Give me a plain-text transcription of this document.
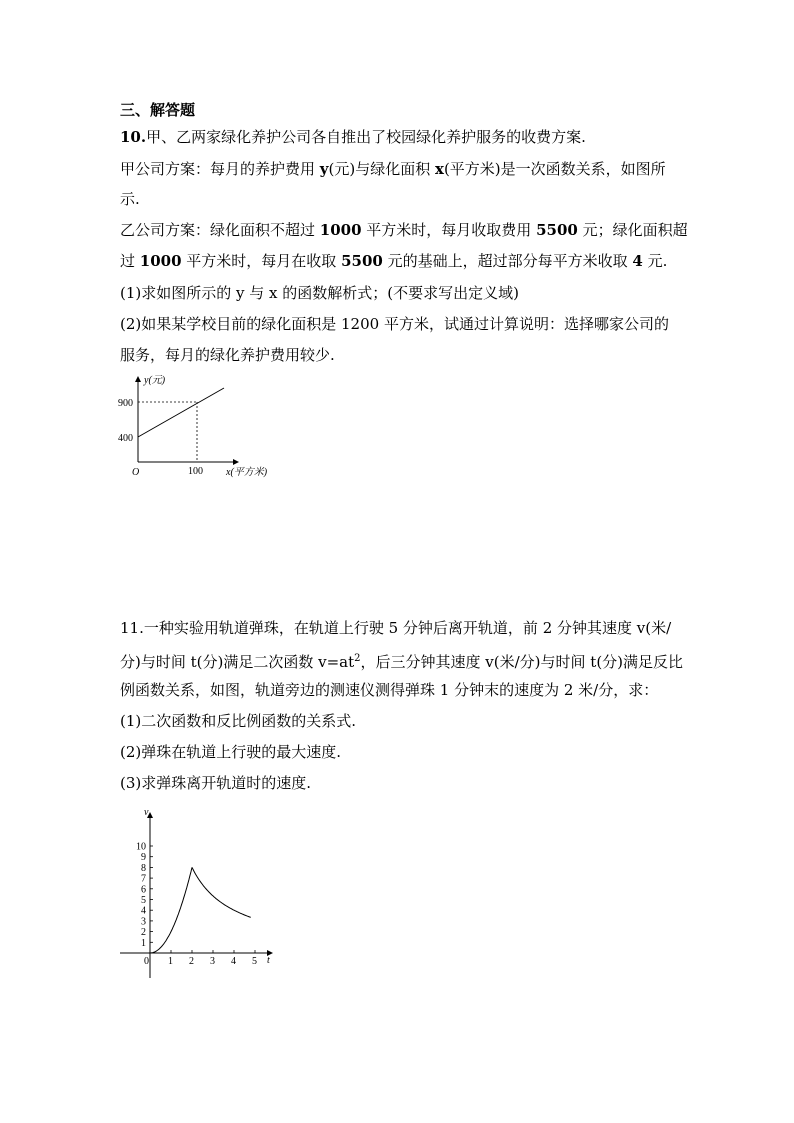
三、解答题

10.甲、乙两家绿化养护公司各自推出了校园绿化养护服务的收费方案.

甲公司方案：每月的养护费用 y(元)与绿化面积 x(平方米)是一次函数关系，如图所

示.

乙公司方案：绿化面积不超过 1000 平方米时，每月收取费用 5500 元；绿化面积超

过 1000 平方米时，每月在收取 5500 元的基础上，超过部分每平方米收取 4 元.

(1)求如图所示的 y 与 x 的函数解析式；(不要求写出定义域)

(2)如果某学校目前的绿化面积是 1200 平方米，试通过计算说明：选择哪家公司的

服务，每月的绿化养护费用较少.

y(元)
900
400
O	100 x(平方米)

11.一种实验用轨道弹珠，在轨道上行驶 5 分钟后离开轨道，前 2 分钟其速度 v(米/

分)与时间 t(分)满足二次函数 $v=at^2$，后三分钟其速度 v(米/分)与时间 t(分)满足反比

例函数关系，如图，轨道旁边的测速仪测得弹珠 1 分钟末的速度为 2 米/分，求：

(1)二次函数和反比例函数的关系式.

(2)弹珠在轨道上行驶的最大速度.

(3)求弹珠离开轨道时的速度.

1
2
3
4
5
6
7
8
9
10
1 2 3 4 5
v
0	t
